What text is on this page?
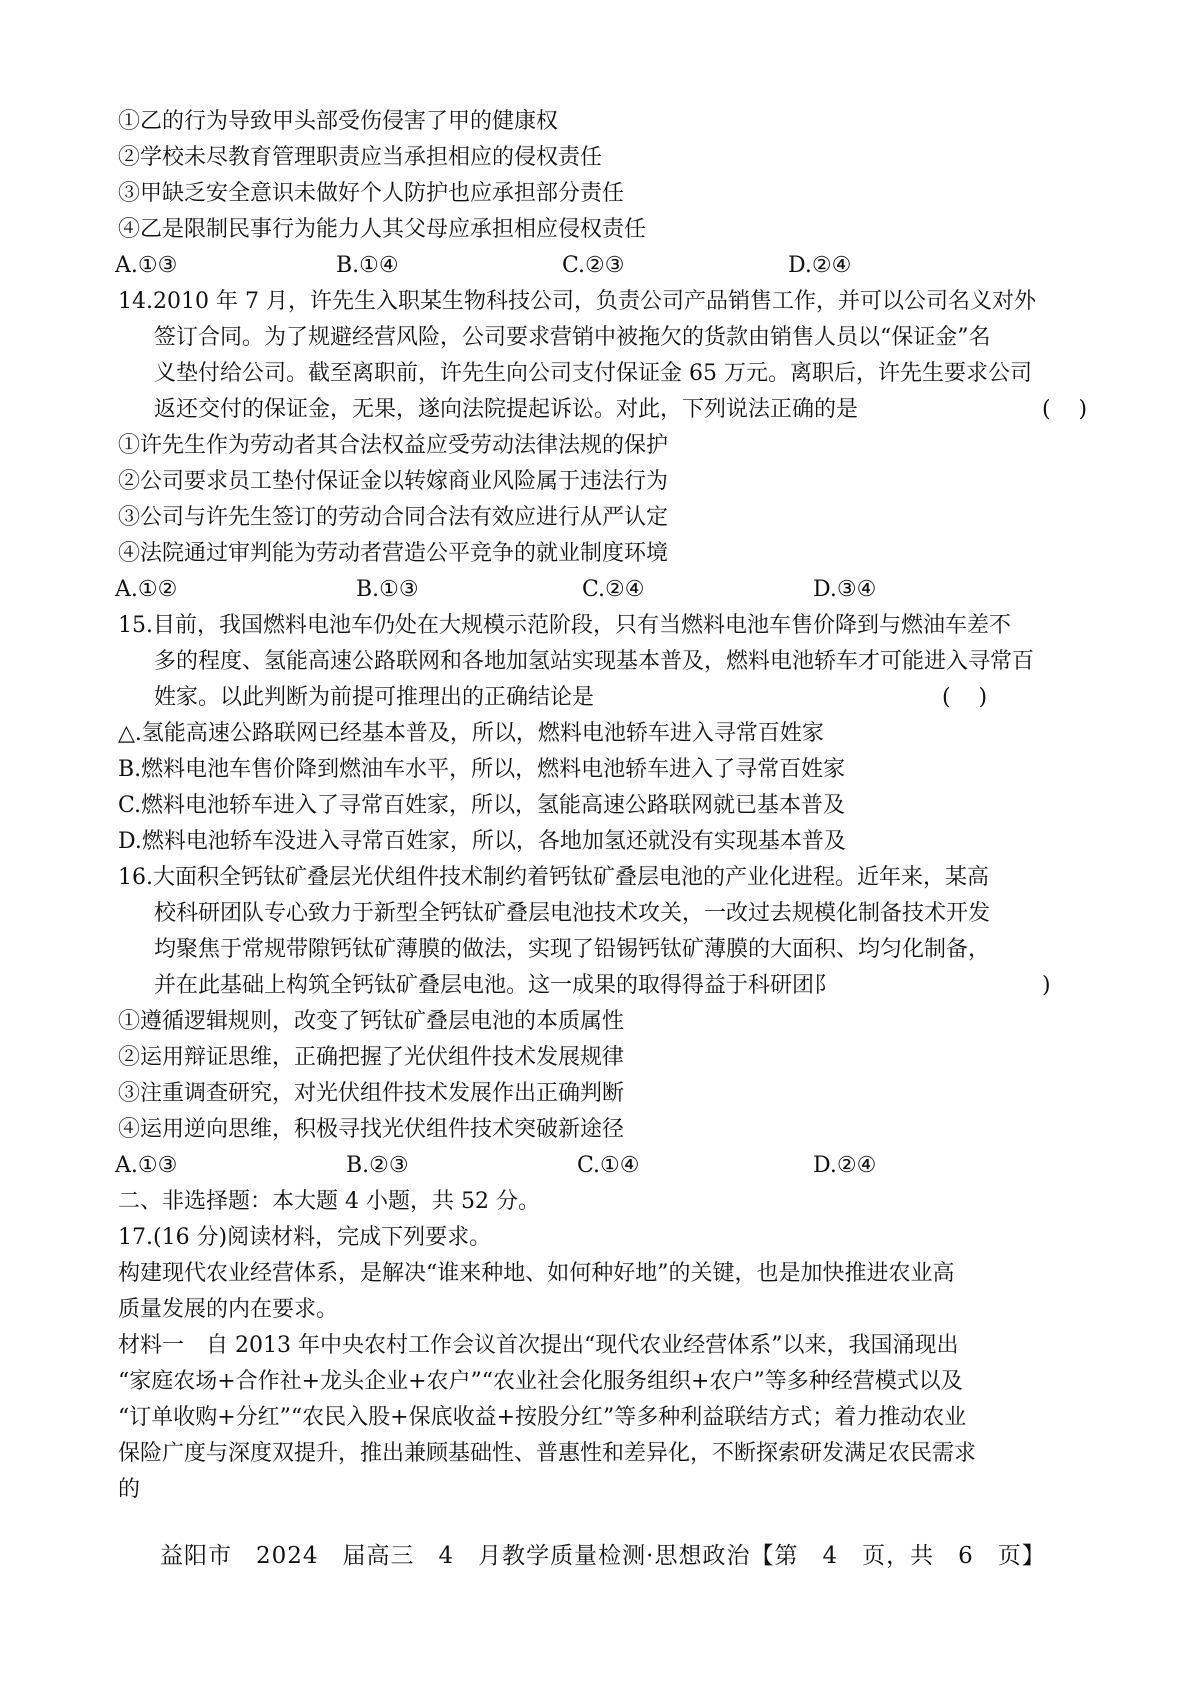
①乙的行为导致甲头部受伤侵害了甲的健康权
②学校未尽教育管理职责应当承担相应的侵权责任
③甲缺乏安全意识未做好个人防护也应承担部分责任
④乙是限制民事行为能力人其父母应承担相应侵权责任
A.①③	B.①④	C.②③	D.②④
14.2010 年 7 月，许先生入职某生物科技公司，负责公司产品销售工作，并可以公司名义对外
签订合同。为了规避经营风险，公司要求营销中被拖欠的货款由销售人员以“保证金”名
义垫付给公司。截至离职前，许先生向公司支付保证金 65 万元。离职后，许先生要求公司
返还交付的保证金，无果，遂向法院提起诉讼。对此，下列说法正确的是	(    )
①许先生作为劳动者其合法权益应受劳动法律法规的保护
②公司要求员工垫付保证金以转嫁商业风险属于违法行为
③公司与许先生签订的劳动合同合法有效应进行从严认定
④法院通过审判能为劳动者营造公平竞争的就业制度环境
A.①②	B.①③	C.②④	D.③④
15.目前，我国燃料电池车仍处在大规模示范阶段，只有当燃料电池车售价降到与燃油车差不
多的程度、氢能高速公路联网和各地加氢站实现基本普及，燃料电池轿车才可能进入寻常百
姓家。以此判断为前提可推理出的正确结论是	(    )
△.氢能高速公路联网已经基本普及，所以，燃料电池轿车进入寻常百姓家
B.燃料电池车售价降到燃油车水平，所以，燃料电池轿车进入了寻常百姓家
C.燃料电池轿车进入了寻常百姓家，所以，氢能高速公路联网就已基本普及
D.燃料电池轿车没进入寻常百姓家，所以，各地加氢还就没有实现基本普及
16.大面积全钙钛矿叠层光伏组件技术制约着钙钛矿叠层电池的产业化进程。近年来，某高
校科研团队专心致力于新型全钙钛矿叠层电池技术攻关，一改过去规模化制备技术开发
均聚焦于常规带隙钙钛矿薄膜的做法，实现了铅锡钙钛矿薄膜的大面积、均匀化制备，
并在此基础上构筑全钙钛矿叠层电池。这一成果的取得得益于科研团阝	)
①遵循逻辑规则，改变了钙钛矿叠层电池的本质属性
②运用辩证思维，正确把握了光伏组件技术发展规律
③注重调查研究，对光伏组件技术发展作出正确判断
④运用逆向思维，积极寻找光伏组件技术突破新途径
A.①③	B.②③	C.①④	D.②④
二、非选择题：本大题 4 小题，共 52 分。
17.(16 分)阅读材料，完成下列要求。
构建现代农业经营体系，是解决“谁来种地、如何种好地”的关键，也是加快推进农业高
质量发展的内在要求。
材料一　自 2013 年中央农村工作会议首次提出“现代农业经营体系”以来，我国涌现出
“家庭农场+合作社+龙头企业+农户”“农业社会化服务组织+农户”等多种经营模式以及
“订单收购+分红”“农民入股+保底收益+按股分红”等多种利益联结方式；着力推动农业
保险广度与深度双提升，推出兼顾基础性、普惠性和差异化，不断探索研发满足农民需求
的
益阳市　2024　届高三　4　月教学质量检测·思想政治【第　4　页，共　6　页】
